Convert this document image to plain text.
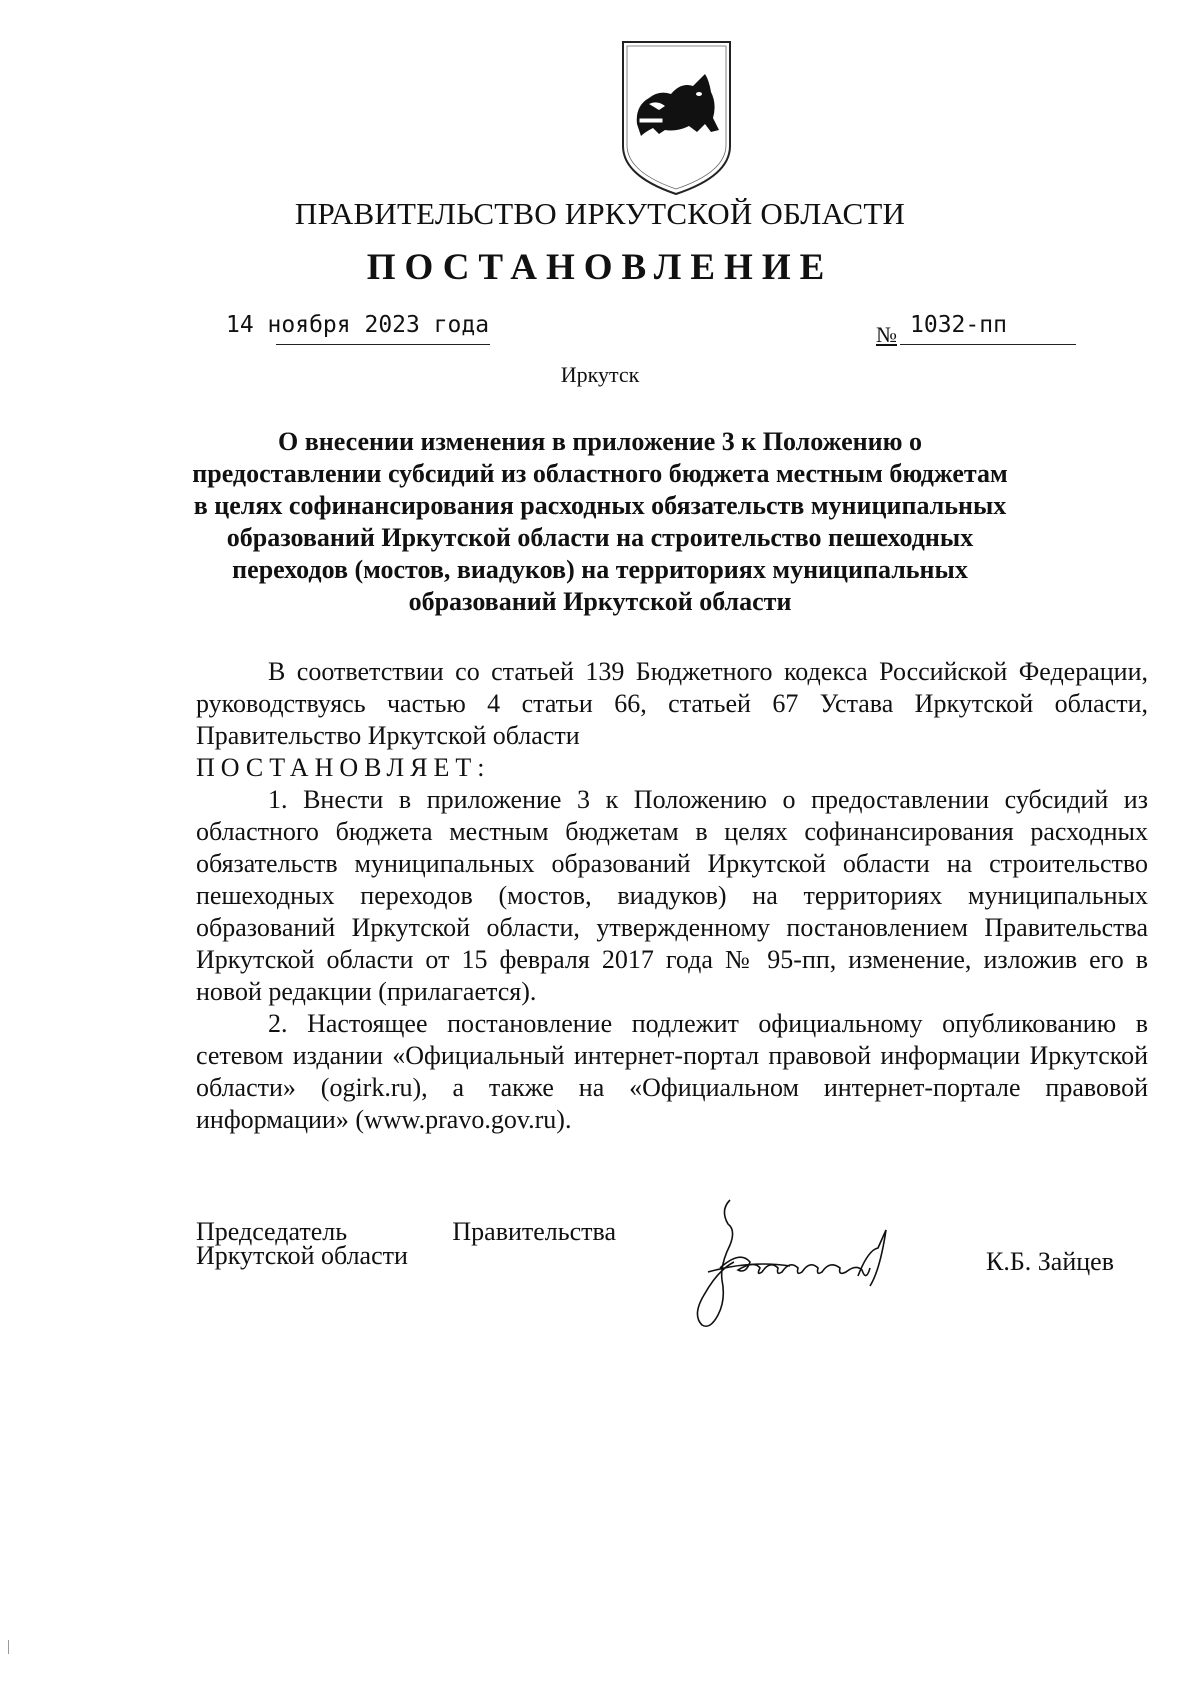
ПРАВИТЕЛЬСТВО ИРКУТСКОЙ ОБЛАСТИ
ПОСТАНОВЛЕНИЕ
14 ноября 2023 года	№ 1032-пп
Иркутск
О внесении изменения в приложение 3 к Положению о предоставлении субсидий из областного бюджета местным бюджетам в целях софинансирования расходных обязательств муниципальных образований Иркутской области на строительство пешеходных переходов (мостов, виадуков) на территориях муниципальных образований Иркутской области
В соответствии со статьей 139 Бюджетного кодекса Российской Федерации, руководствуясь частью 4 статьи 66, статьей 67 Устава Иркутской области, Правительство Иркутской области
ПОСТАНОВЛЯЕТ:

1. Внести в приложение 3 к Положению о предоставлении субсидий из областного бюджета местным бюджетам в целях софинансирования расходных обязательств муниципальных образований Иркутской области на строительство пешеходных переходов (мостов, виадуков) на территориях муниципальных образований Иркутской области, утвержденному постановлением Правительства Иркутской области от 15 февраля 2017 года № 95-пп, изменение, изложив его в новой редакции (прилагается).

2. Настоящее постановление подлежит официальному опубликованию в сетевом издании «Официальный интернет-портал правовой информации Иркутской области» (ogirk.ru), а также на «Официальном интернет-портале правовой информации» (www.pravo.gov.ru).

Председатель	Правительства
Иркутской области	К.Б. Зайцев
